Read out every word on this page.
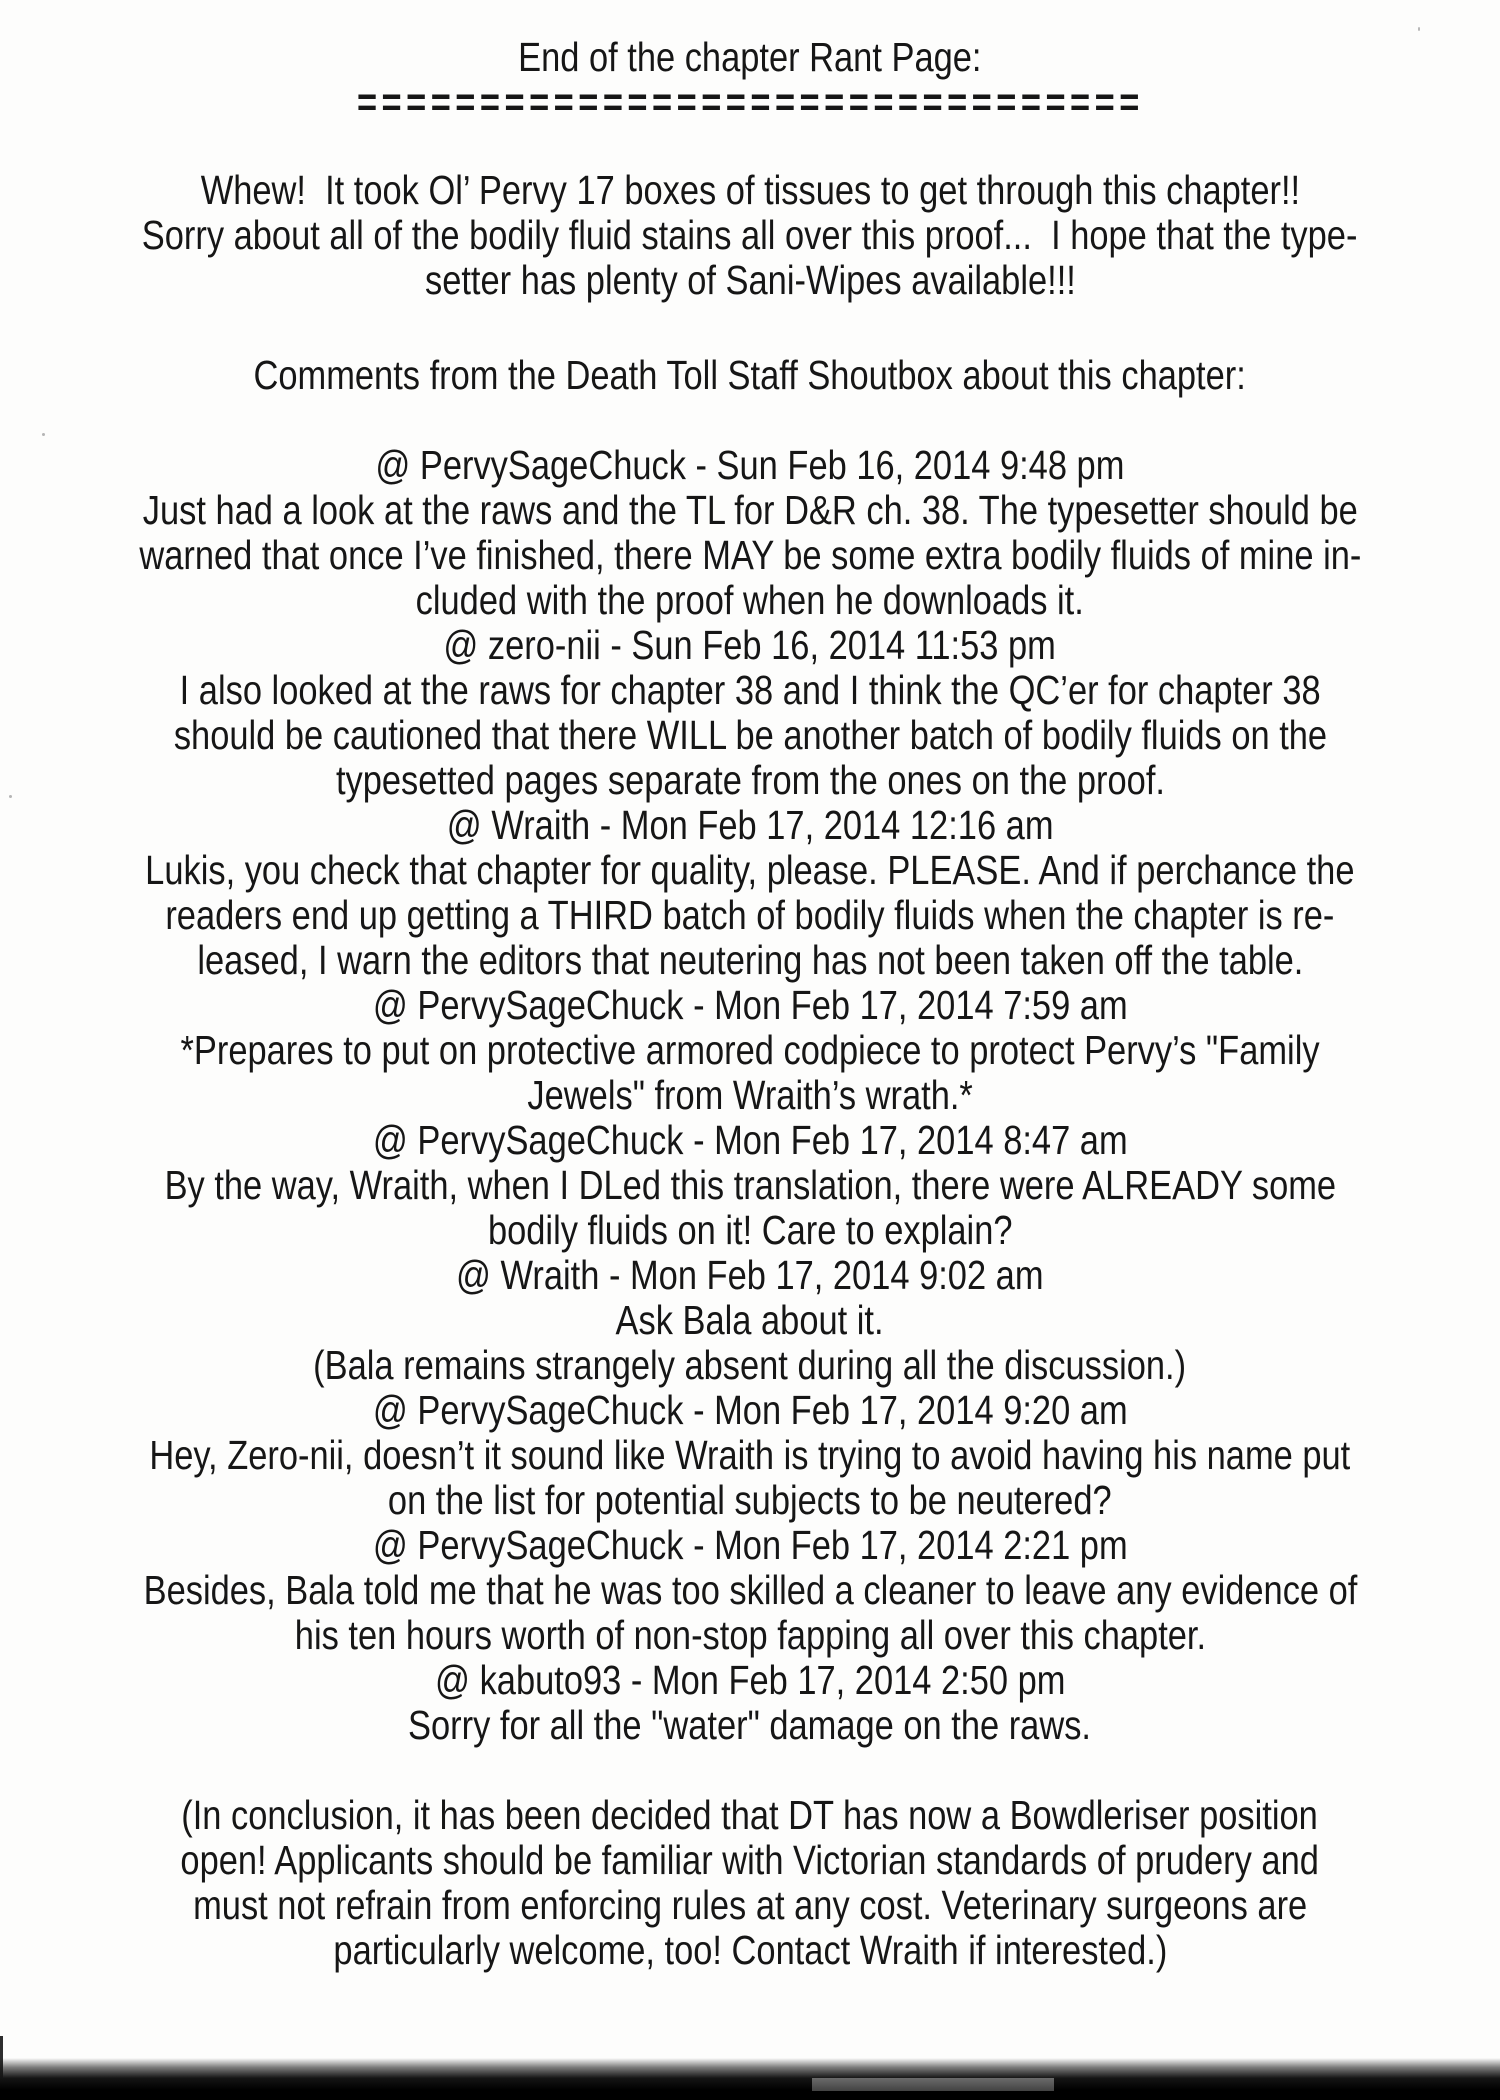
End of the chapter Rant Page:
================================
Whew!  It took Ol’ Pervy 17 boxes of tissues to get through this chapter!!
Sorry about all of the bodily fluid stains all over this proof...  I hope that the type-
setter has plenty of Sani-Wipes available!!!
Comments from the Death Toll Staff Shoutbox about this chapter:
@ PervySageChuck - Sun Feb 16, 2014 9:48 pm
Just had a look at the raws and the TL for D&R ch. 38. The typesetter should be
warned that once I’ve finished, there MAY be some extra bodily fluids of mine in-
cluded with the proof when he downloads it.
@ zero-nii - Sun Feb 16, 2014 11:53 pm
I also looked at the raws for chapter 38 and I think the QC’er for chapter 38
should be cautioned that there WILL be another batch of bodily fluids on the
typesetted pages separate from the ones on the proof.
@ Wraith - Mon Feb 17, 2014 12:16 am
Lukis, you check that chapter for quality, please. PLEASE. And if perchance the
readers end up getting a THIRD batch of bodily fluids when the chapter is re-
leased, I warn the editors that neutering has not been taken off the table.
@ PervySageChuck - Mon Feb 17, 2014 7:59 am
*Prepares to put on protective armored codpiece to protect Pervy’s "Family
Jewels" from Wraith’s wrath.*
@ PervySageChuck - Mon Feb 17, 2014 8:47 am
By the way, Wraith, when I DLed this translation, there were ALREADY some
bodily fluids on it! Care to explain?
@ Wraith - Mon Feb 17, 2014 9:02 am
Ask Bala about it.
(Bala remains strangely absent during all the discussion.)
@ PervySageChuck - Mon Feb 17, 2014 9:20 am
Hey, Zero-nii, doesn’t it sound like Wraith is trying to avoid having his name put
on the list for potential subjects to be neutered?
@ PervySageChuck - Mon Feb 17, 2014 2:21 pm
Besides, Bala told me that he was too skilled a cleaner to leave any evidence of
his ten hours worth of non-stop fapping all over this chapter.
@ kabuto93 - Mon Feb 17, 2014 2:50 pm
Sorry for all the "water" damage on the raws.
(In conclusion, it has been decided that DT has now a Bowdleriser position
open! Applicants should be familiar with Victorian standards of prudery and
must not refrain from enforcing rules at any cost. Veterinary surgeons are
particularly welcome, too! Contact Wraith if interested.)
